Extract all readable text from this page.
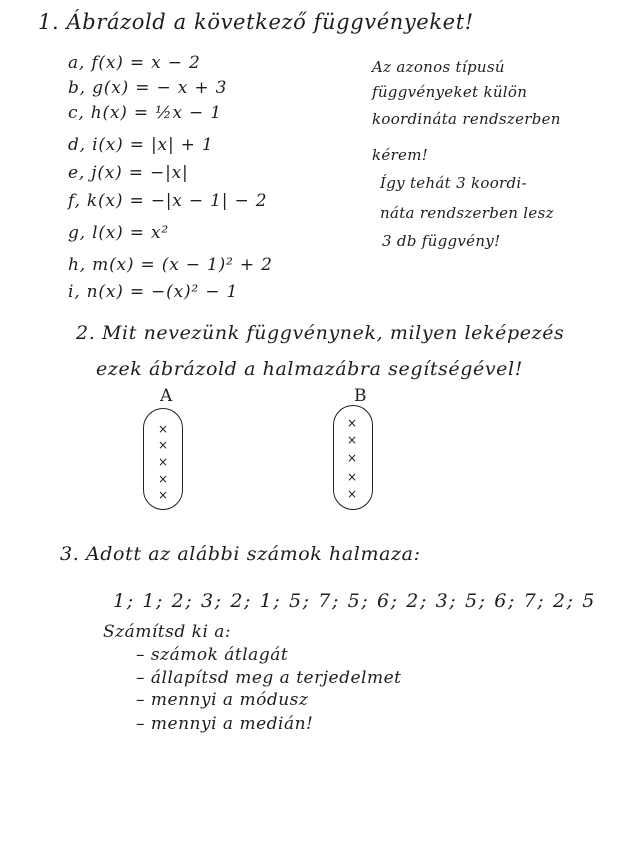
1. Ábrázold a következő függvényeket!
a, f(x) = x − 2
b, g(x) = − x + 3
c, h(x) = ½x − 1
d, i(x) = |x| + 1
e, j(x) = −|x|
f, k(x) = −|x − 1| − 2
g, l(x) = x²
h, m(x) = (x − 1)² + 2
i, n(x) = −(x)² − 1
Az azonos típusú
függvényeket külön
koordináta rendszerben
kérem!
Így tehát 3 koordi-
náta rendszerben lesz
3 db függvény!
2. Mit nevezünk függvénynek, milyen leképezés
ezek ábrázold a halmazábra segítségével!
A
×
×
×
×
×
B
×
×
×
×
×
3. Adott az alábbi számok halmaza:
1; 1; 2; 3; 2; 1; 5; 7; 5; 6; 2; 3; 5; 6; 7; 2; 5
Számítsd ki a:
– számok átlagát
– állapítsd meg a terjedelmet
– mennyi a módusz
– mennyi a medián!
